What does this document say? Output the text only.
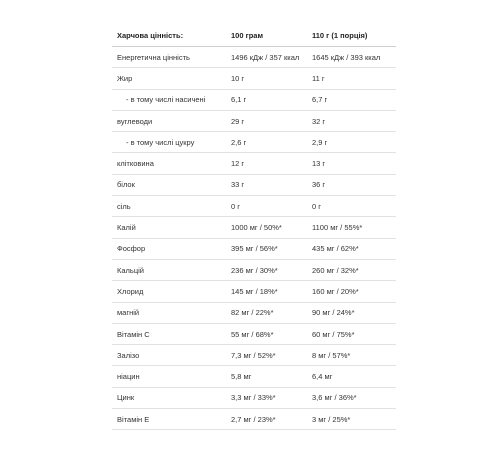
Харчова цінність:	100 грам	110 г (1 порція)
Енергетична цінність	1496 кДж / 357 ккал	1645 кДж / 393 ккал
Жир	10 г	11 г
- в тому числі насичені	6,1 г	6,7 г
вуглеводи	29 г	32 г
- в тому числі цукру	2,6 г	2,9 г
клітковина	12 г	13 г
білок	33 г	36 г
сіль	0 г	0 г
Калій	1000 мг / 50%*	1100 мг / 55%*
Фосфор	395 мг / 56%*	435 мг / 62%*
Кальцій	236 мг / 30%*	260 мг / 32%*
Хлорид	145 мг / 18%*	160 мг / 20%*
магній	82 мг / 22%*	90 мг / 24%*
Вітамін С	55 мг / 68%*	60 мг / 75%*
Залізо	7,3 мг / 52%*	8 мг / 57%*
ніацин	5,8 мг	6,4 мг
Цинк	3,3 мг / 33%*	3,6 мг / 36%*
Вітамін Е	2,7 мг / 23%*	3 мг / 25%*
